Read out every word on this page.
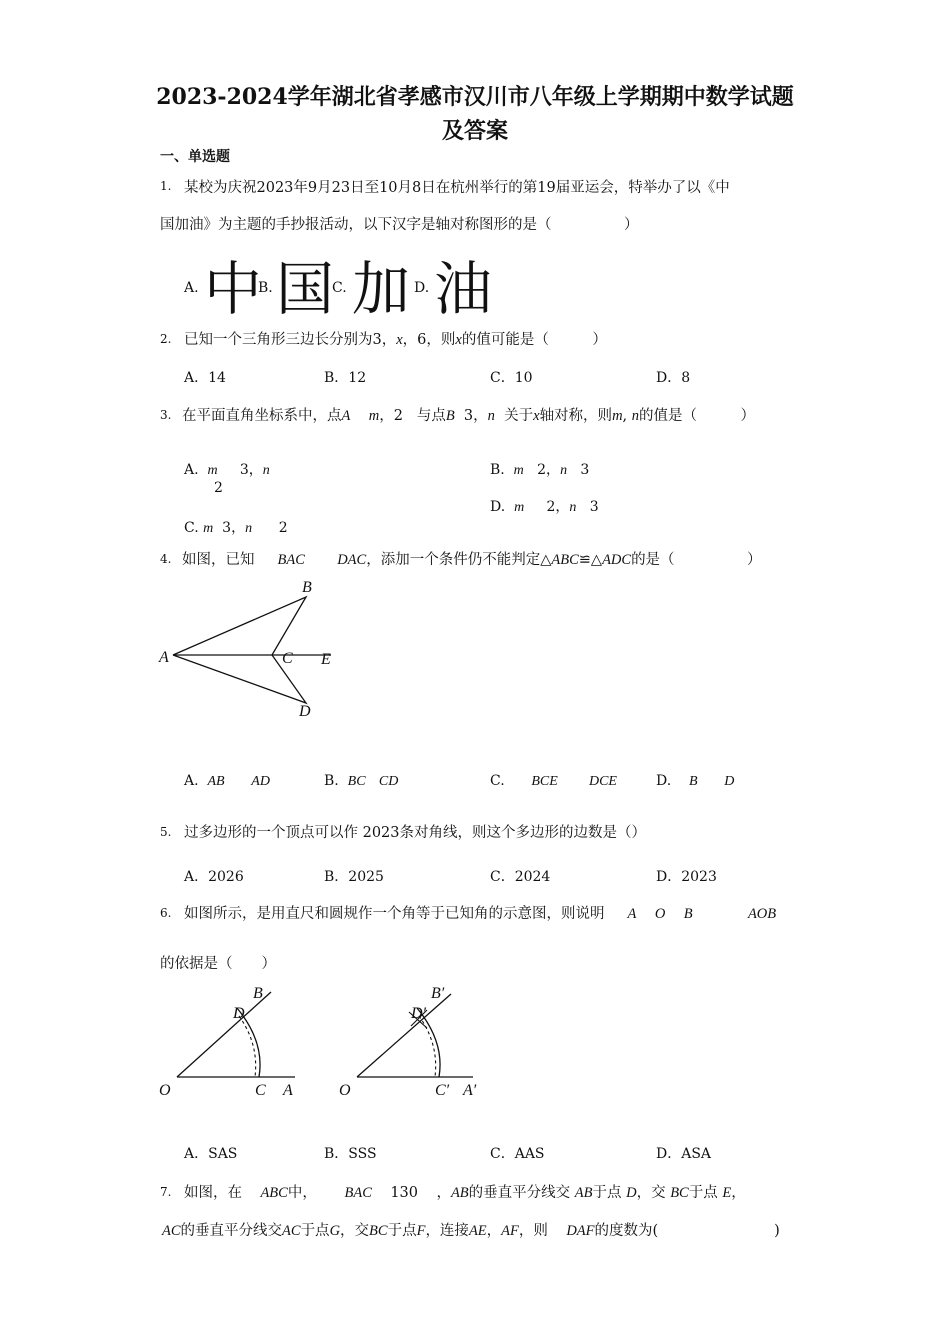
2023-2024学年湖北省孝感市汉川市八年级上学期期中数学试题
及答案
一、单选题
1. 某校为庆祝2023年9月23日至10月8日在杭州举行的第19届亚运会，特举办了以《中
国加油》为主题的手抄报活动，以下汉字是轴对称图形的是（　　　　　）
A. 中
B. 国
C. 加 D. 油
2. 已知一个三角形三边长分别为3，x，6，则x的值可能是（　　　）
A．14	B．12	C．10	D．8
3. 在平面直角坐标系中，点A m，2 与点B 3，n 关于x轴对称，则m, n的值是（　　　）
A. m 3，n
2
B. m 2，n 3
D. m 2，n 3
C. m 3，n 2
4. 如图，已知 BAC DAC，添加一个条件仍不能判定△ABC≌△ADC的是（　　　　　）
B
A	C E
D
A. AB AD	B. BC CD	C. BCE DCE	D. B D
5. 过多边形的一个顶点可以作 2023条对角线，则这个多边形的边数是（）
A．2026	B．2025	C．2024	D．2023
6. 如图所示，是用直尺和圆规作一个角等于已知角的示意图，则说明 A O B	AOB
的依据是（　　）
B
D
O	C A
B′
D′
O	C′ A′
A．SAS	B．SSS	C．AAS	D．ASA
7. 如图，在 ABC中， BAC 130 ，AB的垂直平分线交 AB于点 D，交 BC于点 E，
AC的垂直平分线交AC于点G，交BC于点F，连接AE，AF，则 DAF的度数为(　　　　　　　　)
